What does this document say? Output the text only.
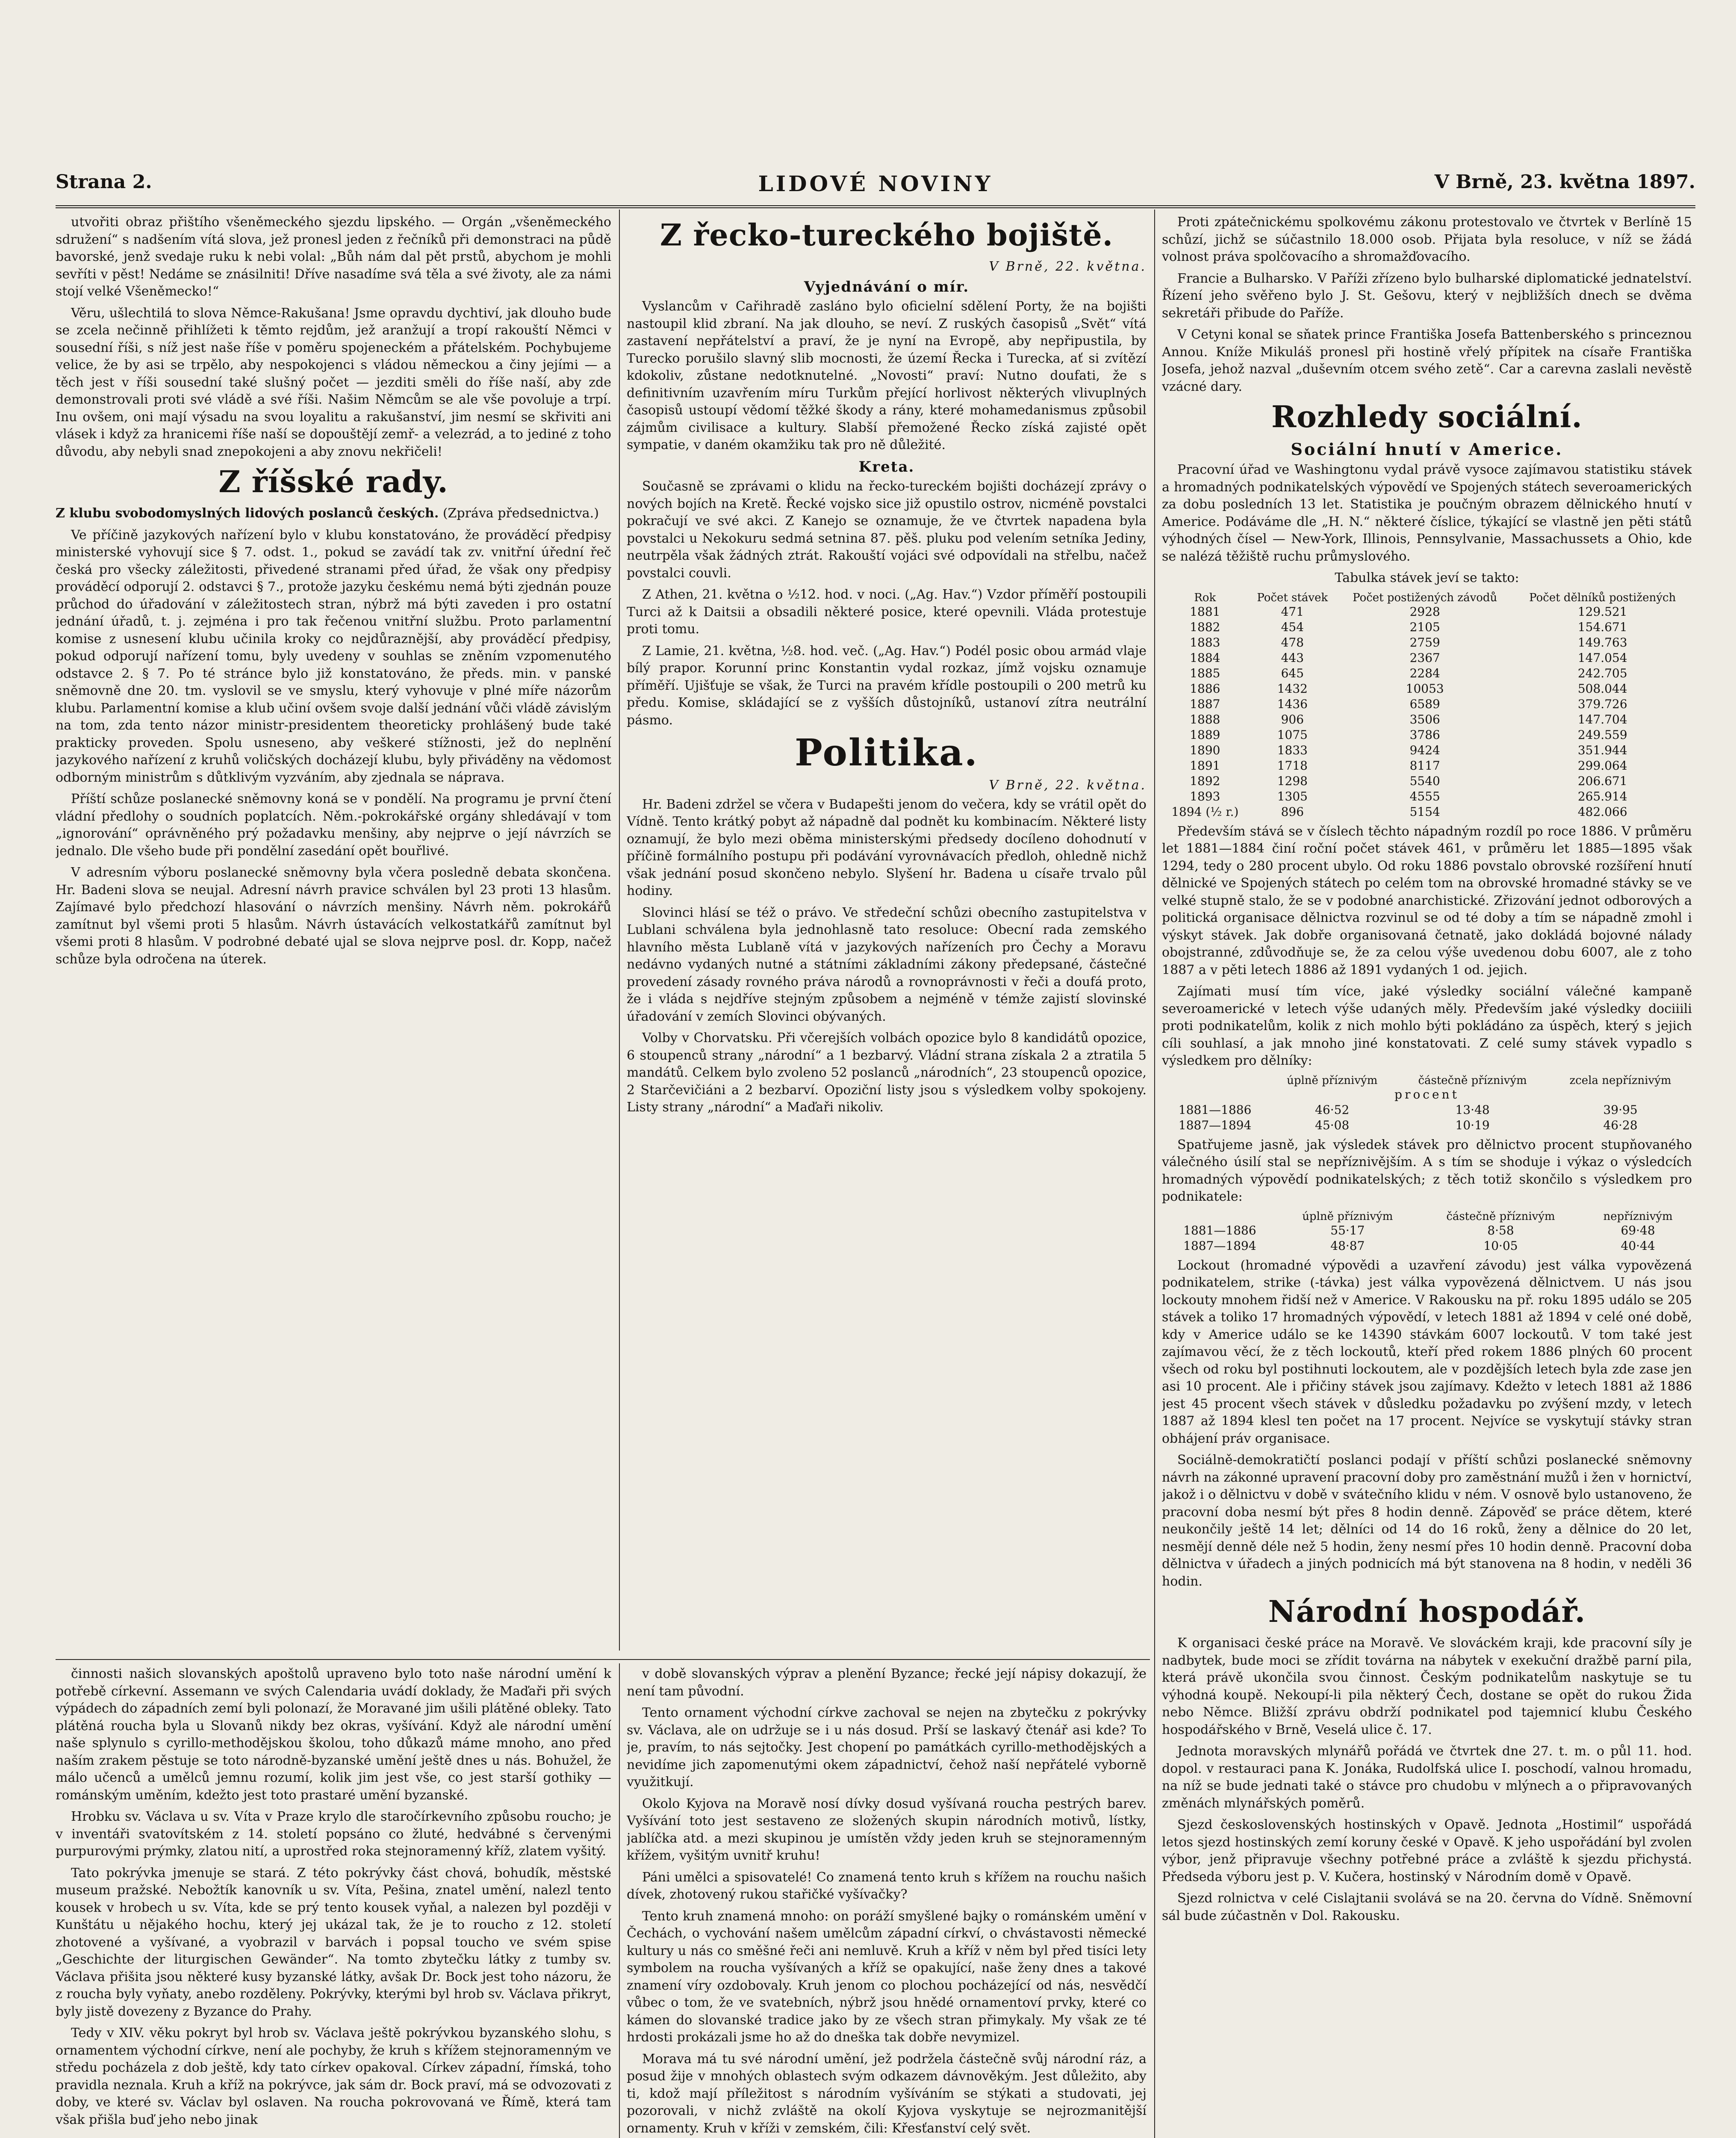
Strana 2.	LIDOVÉ NOVINY	V Brně, 23. května 1897.

utvořiti obraz přištího všeněmeckého sjezdu lipského. — Orgán „všeněmeckého sdružení“ s nadšením vítá slova, jež pronesl jeden z řečníků při demonstraci na půdě bavorské, jenž svedaje ruku k nebi volal: „Bůh nám dal pět prstů, abychom je mohli sevříti v pěst! Nedáme se znásilniti! Dříve nasadíme svá těla a své životy, ale za námi stojí velké Všeněmecko!“

Věru, ušlechtilá to slova Němce-Rakušana! Jsme opravdu dychtiví, jak dlouho bude se zcela nečinně přihlížeti k těmto rejdům, jež aranžují a tropí rakouští Němci v sousední říši, s níž jest naše říše v poměru spojeneckém a přátelském. Pochybujeme velice, že by asi se trpělo, aby nespokojenci s vládou německou a činy jejími — a těch jest v říši sousední také slušný počet — jezditi směli do říše naší, aby zde demonstrovali proti své vládě a své říši. Našim Němcům se ale vše povoluje a trpí. Inu ovšem, oni mají výsadu na svou loyalitu a rakušanství, jim nesmí se skřiviti ani vlásek i když za hranicemi říše naší se dopouštějí zemř- a velezrád, a to jediné z toho důvodu, aby nebyli snad znepokojeni a aby znovu nekřičeli!

Z říšské rady.

Z klubu svobodomyslných lidových poslanců českých. (Zpráva předsednictva.)

Ve příčině jazykových nařízení bylo v klubu konstatováno, že prováděcí předpisy ministerské vyhovují sice § 7. odst. 1., pokud se zavádí tak zv. vnitřní úřední řeč česká pro všecky záležitosti, přivedené stranami před úřad, že však ony předpisy prováděcí odporují 2. odstavci § 7., protože jazyku českému nemá býti zjednán pouze průchod do úřadování v záležitostech stran, nýbrž má býti zaveden i pro ostatní jednání úřadů, t. j. zejména i pro tak řečenou vnitřní službu. Proto parlamentní komise z usnesení klubu učinila kroky co nejdůraznější, aby prováděcí předpisy, pokud odporují nařízení tomu, byly uvedeny v souhlas se zněním vzpomenutého odstavce 2. § 7. Po té stránce bylo již konstatováno, že předs. min. v panské sněmovně dne 20. tm. vyslovil se ve smyslu, který vyhovuje v plné míře názorům klubu. Parlamentní komise a klub učiní ovšem svoje další jednání vůči vládě závislým na tom, zda tento názor ministr-presidentem theoreticky prohlášený bude také prakticky proveden. Spolu usneseno, aby veškeré stížnosti, jež do neplnění jazykového nařízení z kruhů voličských docházejí klubu, byly přiváděny na vědomost odborným ministrům s důtklivým vyzváním, aby zjednala se náprava.

Příští schůze poslanecké sněmovny koná se v pondělí. Na programu je první čtení vládní předlohy o soudních poplatcích. Něm.-pokrokářské orgány shledávají v tom „ignorování“ oprávněného prý požadavku menšiny, aby nejprve o její návrzích se jednalo. Dle všeho bude při pondělní zasedání opět bouřlivé.

V adresním výboru poslanecké sněmovny byla včera posledně debata skončena. Hr. Badeni slova se neujal. Adresní návrh pravice schválen byl 23 proti 13 hlasům. Zajímavé bylo předchozí hlasování o návrzích menšiny. Návrh něm. pokrokářů zamítnut byl všemi proti 5 hlasům. Návrh ústavácích velkostatkářů zamítnut byl všemi proti 8 hlasům. V podrobné debaté ujal se slova nejprve posl. dr. Kopp, načež schůze byla odročena na úterek.

Z řecko-tureckého bojiště.
V Brně, 22. května.
Vyjednávání o mír.

Vyslancům v Cařihradě zasláno bylo oficielní sdělení Porty, že na bojišti nastoupil klid zbraní. Na jak dlouho, se neví. Z ruských časopisů „Svět“ vítá zastavení nepřátelství a praví, že je nyní na Evropě, aby nepřipustila, by Turecko porušilo slavný slib mocnosti, že území Řecka i Turecka, ať si zvítězí kdokoliv, zůstane nedotknutelné. „Novosti“ praví: Nutno doufati, že s definitivním uzavřením míru Turkům přející horlivost některých vlivuplných časopisů ustoupí vědomí těžké škody a rány, které mohamedanismus způsobil zájmům civilisace a kultury. Slabší přemožené Řecko získá zajisté opět sympatie, v daném okamžiku tak pro ně důležité.

Kreta.

Současně se zprávami o klidu na řecko-tureckém bojišti docházejí zprávy o nových bojích na Kretě. Řecké vojsko sice již opustilo ostrov, nicméně povstalci pokračují ve své akci. Z Kanejo se oznamuje, že ve čtvrtek napadena byla povstalci u Nekokuru sedmá setnina 87. pěš. pluku pod velením setníka Jediny, neutrpěla však žádných ztrát. Rakouští vojáci své odpovídali na střelbu, načež povstalci couvli.

Z Athen, 21. května o ½12. hod. v noci. („Ag. Hav.“) Vzdor příměří postoupili Turci až k Daitsii a obsadili některé posice, které opevnili. Vláda protestuje proti tomu.

Z Lamie, 21. května, ½8. hod. več. („Ag. Hav.“) Podél posic obou armád vlaje bílý prapor. Korunní princ Konstantin vydal rozkaz, jímž vojsku oznamuje příměří. Ujišťuje se však, že Turci na pravém křídle postoupili o 200 metrů ku předu. Komise, skládající se z vyšších důstojníků, ustanoví zítra neutrální pásmo.

Politika.
V Brně, 22. května.

Hr. Badeni zdržel se včera v Budapešti jenom do večera, kdy se vrátil opět do Vídně. Tento krátký pobyt až nápadně dal podnět ku kombinacím. Některé listy oznamují, že bylo mezi oběma ministerskými předsedy docíleno dohodnutí v příčině formálního postupu při podávání vyrovnávacích předloh, ohledně nichž však jednání posud skončeno nebylo. Slyšení hr. Badena u císaře trvalo půl hodiny.

Slovinci hlásí se též o právo. Ve středeční schůzi obecního zastupitelstva v Lublani schválena byla jednohlasně tato resoluce: Obecní rada zemského hlavního města Lublaně vítá v jazykových nařízeních pro Čechy a Moravu nedávno vydaných nutné a státními základními zákony předepsané, částečné provedení zásady rovného práva národů a rovnoprávnosti v řeči a doufá proto, že i vláda s nejdříve stejným způsobem a nejméně v témže zajistí slovinské úřadování v zemích Slovinci obývaných.

Volby v Chorvatsku. Při včerejších volbách opozice bylo 8 kandidátů opozice, 6 stoupenců strany „národní“ a 1 bezbarvý. Vládní strana získala 2 a ztratila 5 mandátů. Celkem bylo zvoleno 52 poslanců „národních“, 23 stoupenců opozice, 2 Starčevičiáni a 2 bezbarví. Opoziční listy jsou s výsledkem volby spokojeny. Listy strany „národní“ a Maďaři nikoliv.

Proti zpátečnickému spolkovému zákonu protestovalo ve čtvrtek v Berlíně 15 schůzí, jichž se súčastnilo 18.000 osob. Přijata byla resoluce, v níž se žádá volnost práva spolčovacího a shromažďovacího.

Francie a Bulharsko. V Paříži zřízeno bylo bulharské diplomatické jednatelství. Řízení jeho svěřeno bylo J. St. Gešovu, který v nejbližších dnech se dvěma sekretáři přibude do Paříže.

V Cetyni konal se sňatek prince Františka Josefa Battenberského s princeznou Annou. Kníže Mikuláš pronesl při hostině vřelý přípitek na císaře Františka Josefa, jehož nazval „duševním otcem svého zetě“. Car a carevna zaslali nevěstě vzácné dary.

Rozhledy sociální.
Sociální hnutí v Americe.

Pracovní úřad ve Washingtonu vydal právě vysoce zajímavou statistiku stávek a hromadných podnikatelských výpovědí ve Spojených státech severoamerických za dobu posledních 13 let. Statistika je poučným obrazem dělnického hnutí v Americe. Podáváme dle „H. N.“ některé číslice, týkající se vlastně jen pěti států výhodných čísel — New-York, Illinois, Pennsylvanie, Massachussets a Ohio, kde se nalézá těžiště ruchu průmyslového.

Tabulka stávek jeví se takto:

Rok	Počet stávek	Počet postižených závodů	Počet dělníků postižených
1881	471	2928	129.521
1882	454	2105	154.671
1883	478	2759	149.763
1884	443	2367	147.054
1885	645	2284	242.705
1886	1432	10053	508.044
1887	1436	6589	379.726
1888	906	3506	147.704
1889	1075	3786	249.559
1890	1833	9424	351.944
1891	1718	8117	299.064
1892	1298	5540	206.671
1893	1305	4555	265.914
1894 (½ r.)	896	5154	482.066

Především stává se v číslech těchto nápadným rozdíl po roce 1886. V průměru let 1881—1884 činí roční počet stávek 461, v průměru let 1885—1895 však 1294, tedy o 280 procent ubylo. Od roku 1886 povstalo obrovské rozšíření hnutí dělnické ve Spojených státech po celém tom na obrovské hromadné stávky se ve velké stupně stalo, že se v podobné anarchistické. Zřizování jednot odborových a politická organisace dělnictva rozvinul se od té doby a tím se nápadně zmohl i výskyt stávek. Jak dobře organisovaná četnatě, jako dokládá bojovné nálady obojstranné, zdůvodňuje se, že za celou výše uvedenou dobu 6007, ale z toho 1887 a v pěti letech 1886 až 1891 vydaných 1 od. jejich.

Zajímati musí tím více, jaké výsledky sociální válečné kampaně severoamerické v letech výše udaných měly. Především jaké výsledky dociiili proti podnikatelům, kolik z nich mohlo býti pokládáno za úspěch, který s jejich cíli souhlasí, a jak mnoho jiné konstatovati. Z celé sumy stávek vypadlo s výsledkem pro dělníky:

	úplně příznivým	částečně příznivým	zcela nepříznivým
procent			
1881—1886	46·52	13·48	39·95
1887—1894	45·08	10·19	46·28

Spatřujeme jasně, jak výsledek stávek pro dělnictvo procent stupňovaného válečného úsilí stal se nepříznivějším. A s tím se shoduje i výkaz o výsledcích hromadných výpovědí podnikatelských; z těch totiž skončilo s výsledkem pro podnikatele:

	úplně příznivým	částečně příznivým	nepříznivým
1881—1886	55·17	8·58	69·48
1887—1894	48·87	10·05	40·44

Lockout (hromadné výpovědi a uzavření závodu) jest válka vypovězená podnikatelem, strike (-távka) jest válka vypovězená dělnictvem. U nás jsou lockouty mnohem řidší než v Americe. V Rakousku na př. roku 1895 událo se 205 stávek a toliko 17 hromadných výpovědí, v letech 1881 až 1894 v celé oné době, kdy v Americe událo se ke 14390 stávkám 6007 lockoutů. V tom také jest zajímavou věcí, že z těch lockoutů, kteří před rokem 1886 plných 60 procent všech od roku byl postihnuti lockoutem, ale v pozdějších letech byla zde zase jen asi 10 procent. Ale i přičiny stávek jsou zajímavy. Kdežto v letech 1881 až 1886 jest 45 procent všech stávek v důsledku požadavku po zvýšení mzdy, v letech 1887 až 1894 klesl ten počet na 17 procent. Nejvíce se vyskytují stávky stran obhájení práv organisace.

Sociálně-demokratičtí poslanci podají v příští schůzi poslanecké sněmovny návrh na zákonné upravení pracovní doby pro zaměstnání mužů i žen v hornictví, jakož i o dělnictvu v době v svátečního klidu v ném. V osnově bylo ustanoveno, že pracovní doba nesmí být přes 8 hodin denně. Zápověď se práce dětem, které neukončily ještě 14 let; dělníci od 14 do 16 roků, ženy a dělnice do 20 let, nesmějí denně déle než 5 hodin, ženy nesmí přes 10 hodin denně. Pracovní doba dělnictva v úřadech a jiných podnicích má být stanovena na 8 hodin, v neděli 36 hodin.

Národní hospodář.

K organisaci české práce na Moravě. Ve slováckém kraji, kde pracovní síly je nadbytek, bude moci se zřídit továrna na nábytek v exekuční dražbě parní pila, která právě ukončila svou činnost. Českým podnikatelům naskytuje se tu výhodná koupě. Nekoupí-li pila některý Čech, dostane se opět do rukou Žida nebo Němce. Bližší zprávu obdrží podnikatel pod tajemnicí klubu Českého hospodářského v Brně, Veselá ulice č. 17.

Jednota moravských mlynářů pořádá ve čtvrtek dne 27. t. m. o půl 11. hod. dopol. v restauraci pana K. Jonáka, Rudolfská ulice I. poschodí, valnou hromadu, na níž se bude jednati také o stávce pro chudobu v mlýnech a o připravovaných změnách mlynářských poměrů.

Sjezd československých hostinských v Opavě. Jednota „Hostimil“ uspořádá letos sjezd hostinských zemí koruny české v Opavě. K jeho uspořádání byl zvolen výbor, jenž připravuje všechny potřebné práce a zvláště k sjezdu přichystá. Předseda výboru jest p. V. Kučera, hostinský v Národním domě v Opavě.

Sjezd rolnictva v celé Cislajtanii svolává se na 20. června do Vídně. Sněmovní sál bude zúčastněn v Dol. Rakousku.

činnosti našich slovanských apoštolů upraveno bylo toto naše národní umění k potřebě církevní. Assemann ve svých Calendaria uvádí doklady, že Maďaři při svých výpádech do západních zemí byli polonazí, že Moravané jim ušili plátěné obleky. Tato plátěná roucha byla u Slovanů nikdy bez okras, vyšívání. Když ale národní umění naše splynulo s cyrillo-methodějskou školou, toho důkazů máme mnoho, ano před naším zrakem pěstuje se toto národně-byzanské umění ještě dnes u nás. Bohužel, že málo učenců a umělců jemnu rozumí, kolik jim jest vše, co jest starší gothiky — románským uměním, kdežto jest toto prastaré umění byzanské.

Hrobku sv. Václava u sv. Víta v Praze krylo dle staročírkevního způsobu roucho; je v inventáři svatovítském z 14. století popsáno co žluté, hedvábné s červenými purpurovými prýmky, zlatou nití, a uprostřed roka stejnoramenný kříž, zlatem vyšitý.

Tato pokrývka jmenuje se stará. Z této pokrývky část chová, bohudík, městské museum pražské. Nebožtík kanovník u sv. Víta, Pešina, znatel umění, nalezl tento kousek v hrobech u sv. Víta, kde se prý tento kousek vyňal, a nalezen byl později v Kunštátu u nějakého hochu, který jej ukázal tak, že je to roucho z 12. století zhotovené a vyšívané, a vyobrazil v barvách i popsal toucho ve svém spise „Geschichte der liturgischen Gewänder“. Na tomto zbytečku látky z tumby sv. Václava přišita jsou některé kusy byzanské látky, avšak Dr. Bock jest toho názoru, že z roucha byly vyňaty, anebo rozděleny. Pokrývky, kterými byl hrob sv. Václava přikryt, byly jistě dovezeny z Byzance do Prahy.

Tedy v XIV. věku pokryt byl hrob sv. Václava ještě pokrývkou byzanského slohu, s ornamentem východní církve, není ale pochyby, že kruh s křížem stejnoramenným ve středu pocházela z dob ještě, kdy tato církev opakoval. Církev západní, římská, toho pravidla neznala. Kruh a kříž na pokrývce, jak sám dr. Bock praví, má se odvozovati z doby, ve které sv. Václav byl oslaven. Na roucha pokrovovaná ve Římě, která tam však přišla buď jeho nebo jinak

v době slovanských výprav a plenění Byzance; řecké její nápisy dokazují, že není tam původní.

Tento ornament východní církve zachoval se nejen na zbytečku z pokrývky sv. Václava, ale on udržuje se i u nás dosud. Prší se laskavý čtenář asi kde? To je, pravím, to nás sejtočky. Jest chopení po památkách cyrillo-methodějských a nevidíme jich zapomenutými okem západnictví, čehož naší nepřátelé vyborně využitkují.

Okolo Kyjova na Moravě nosí dívky dosud vyšívaná roucha pestrých barev. Vyšívání toto jest sestaveno ze složených skupin národních motivů, lístky, jablíčka atd. a mezi skupinou je umístěn vždy jeden kruh se stejnoramenným křížem, vyšitým uvnitř kruhu!

Páni umělci a spisovatelé! Co znamená tento kruh s křížem na rouchu našich dívek, zhotovený rukou stařičké vyšívačky?

Tento kruh znamená mnoho: on poráží smyšlené bajky o románském umění v Čechách, o vychování našem umělcům západní církví, o chvástavosti německé kultury u nás co směšné řeči ani nemluvě. Kruh a kříž v něm byl před tisíci lety symbolem na roucha vyšívaných a kříž se opakující, naše ženy dnes a takové znamení víry ozdobovaly. Kruh jenom co plochou pocházející od nás, nesvědčí vůbec o tom, že ve svatebních, nýbrž jsou hnědé ornamentoví prvky, které co kámen do slovanské tradice jako by ze všech stran přimykaly. My však ze té hrdosti prokázali jsme ho až do dneška tak dobře nevymizel.

Morava má tu své národní umění, jež podržela částečně svůj národní ráz, a posud žije v mnohých oblastech svým odkazem dávnověkým. Jest důležito, aby ti, kdož mají příležitost s národním vyšíváním se stýkati a studovati, jej pozorovali, v nichž zvláště na okolí Kyjova vyskytuje se nejrozmanitější ornamenty. Kruh v kříži v zemském, čili: Křesťanství celý svět.
